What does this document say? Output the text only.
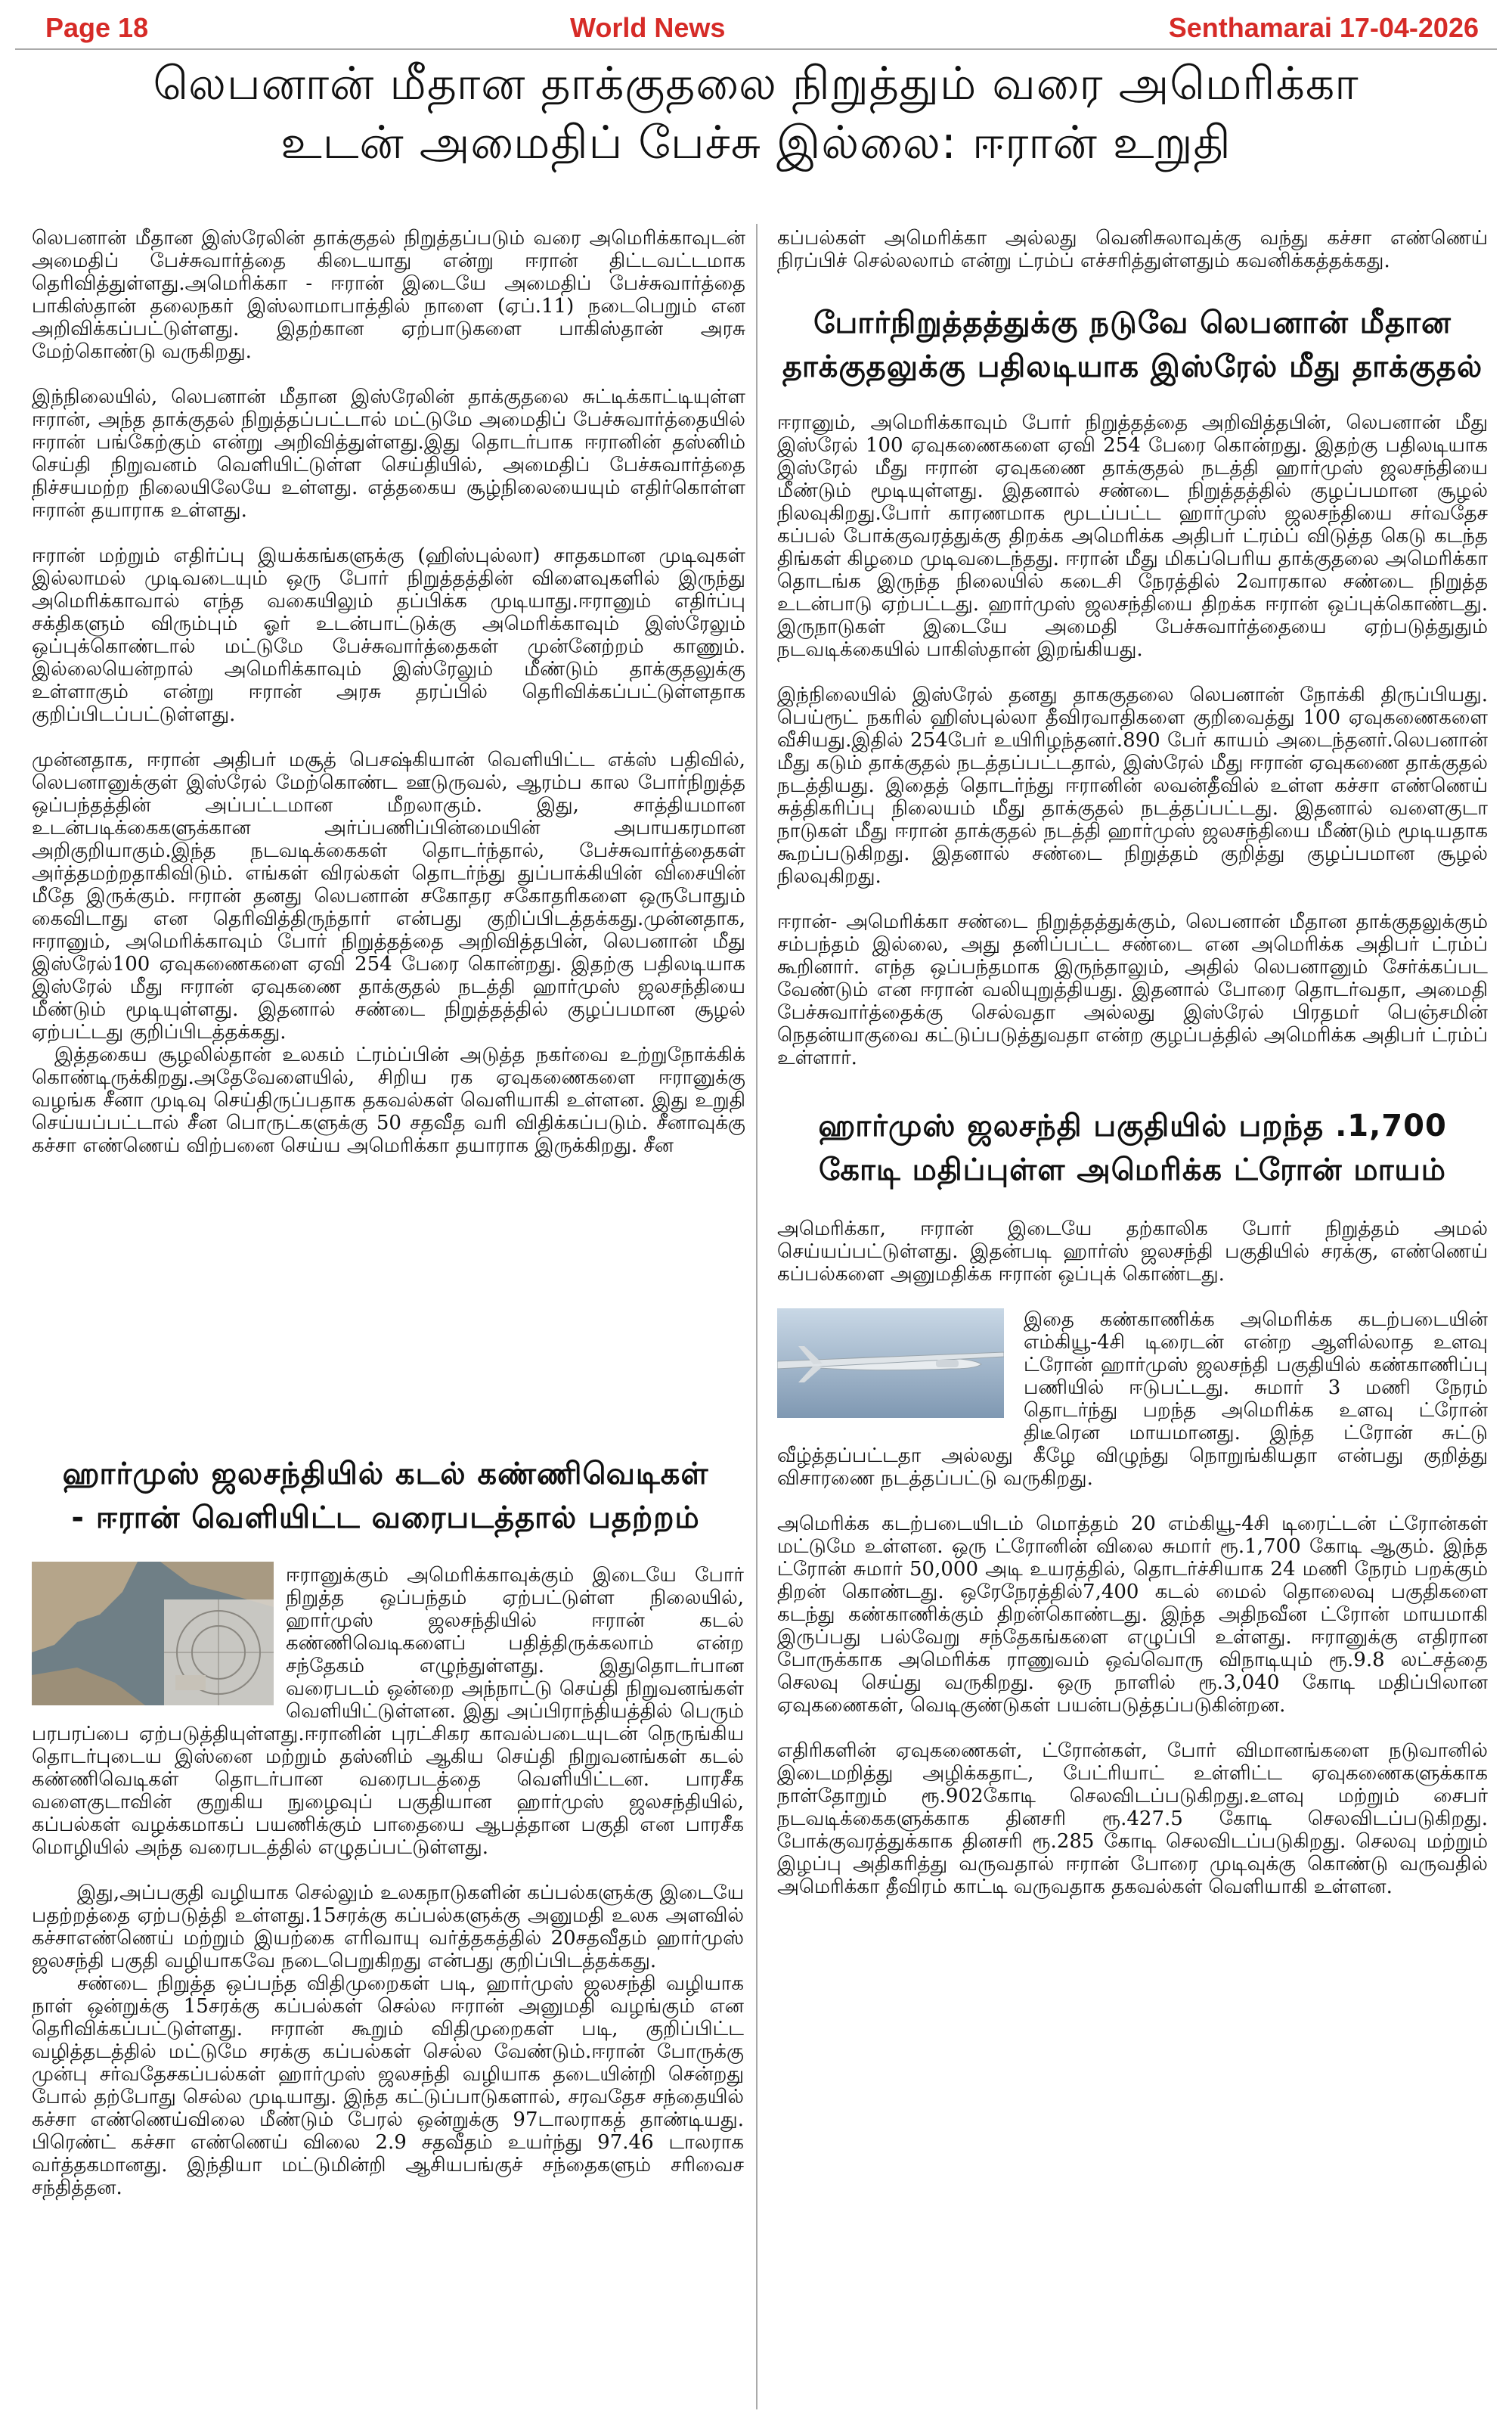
Page 18	World News	Senthamarai 17-04-2026
லெபனான் மீதான தாக்குதலை நிறுத்தும் வரை அமெரிக்கா
உடன் அமைதிப் பேச்சு இல்லை: ஈரான் உறுதி

லெபனான் மீதான இஸ்ரேலின் தாக்குதல் நிறுத்தப்படும் வரை அமெரிக்காவுடன் அமைதிப் பேச்சுவார்த்தை கிடையாது என்று ஈரான் திட்டவட்டமாக தெரிவித்துள்ளது.அமெரிக்கா - ஈரான் இடையே அமைதிப் பேச்சுவார்த்தை பாகிஸ்தான் தலைநகர் இஸ்லாமாபாத்தில் நாளை (ஏப்.11) நடைபெறும் என அறிவிக்கப்பட்டுள்ளது. இதற்கான ஏற்பாடுகளை பாகிஸ்தான் அரசு மேற்கொண்டு வருகிறது.

இந்நிலையில், லெபனான் மீதான இஸ்ரேலின் தாக்குதலை சுட்டிக்காட்டியுள்ள ஈரான், அந்த தாக்குதல் நிறுத்தப்பட்டால் மட்டுமே அமைதிப் பேச்சுவார்த்தையில் ஈரான் பங்கேற்கும் என்று அறிவித்துள்ளது.இது தொடர்பாக ஈரானின் தஸ்னிம் செய்தி நிறுவனம் வெளியிட்டுள்ள செய்தியில், அமைதிப் பேச்சுவார்த்தை நிச்சயமற்ற நிலையிலேயே உள்ளது. எத்தகைய சூழ்நிலையையும் எதிர்கொள்ள ஈரான் தயாராக உள்ளது.

ஈரான் மற்றும் எதிர்ப்பு இயக்கங்களுக்கு (ஹிஸ்புல்லா) சாதகமான முடிவுகள் இல்லாமல் முடிவடையும் ஒரு போர் நிறுத்தத்தின் விளைவுகளில் இருந்து அமெரிக்காவால் எந்த வகையிலும் தப்பிக்க முடியாது.ஈரானும் எதிர்ப்பு சக்திகளும் விரும்பும் ஓர் உடன்பாட்டுக்கு அமெரிக்காவும் இஸ்ரேலும் ஒப்புக்கொண்டால் மட்டுமே பேச்சுவார்த்தைகள் முன்னேற்றம் காணும். இல்லையென்றால் அமெரிக்காவும் இஸ்ரேலும் மீண்டும் தாக்குதலுக்கு உள்ளாகும் என்று ஈரான் அரசு தரப்பில் தெரிவிக்கப்பட்டுள்ளதாக குறிப்பிடப்பட்டுள்ளது.

முன்னதாக, ஈரான் அதிபர் மசூத் பெசஷ்கியான் வெளியிட்ட எக்ஸ் பதிவில், லெபனானுக்குள் இஸ்ரேல் மேற்கொண்ட ஊடுருவல், ஆரம்ப கால போர்நிறுத்த ஒப்பந்தத்தின் அப்பட்டமான மீறலாகும். இது, சாத்தியமான உடன்படிக்கைகளுக்கான அர்ப்பணிப்பின்மையின் அபாயகரமான அறிகுறியாகும்.இந்த நடவடிக்கைகள் தொடர்ந்தால், பேச்சுவார்த்தைகள் அர்த்தமற்றதாகிவிடும். எங்கள் விரல்கள் தொடர்ந்து துப்பாக்கியின் விசையின் மீதே இருக்கும். ஈரான் தனது லெபனான் சகோதர சகோதரிகளை ஒருபோதும் கைவிடாது என தெரிவித்திருந்தார் என்பது குறிப்பிடத்தக்கது.முன்னதாக, ஈரானும், அமெரிக்காவும் போர் நிறுத்தத்தை அறிவித்தபின், லெபனான் மீது இஸ்ரேல்100 ஏவுகணைகளை ஏவி 254 பேரை கொன்றது. இதற்கு பதிலடியாக இஸ்ரேல் மீது ஈரான் ஏவுகணை தாக்குதல் நடத்தி ஹார்முஸ் ஜலசந்தியை மீண்டும் மூடியுள்ளது. இதனால் சண்டை நிறுத்தத்தில் குழப்பமான சூழல் ஏற்பட்டது குறிப்பிடத்தக்கது.

இத்தகைய சூழலில்தான் உலகம் ட்ரம்ப்பின் அடுத்த நகர்வை உற்றுநோக்கிக் கொண்டிருக்கிறது.அதேவேளையில், சிறிய ரக ஏவுகணைகளை ஈரானுக்கு வழங்க சீனா முடிவு செய்திருப்பதாக தகவல்கள் வெளியாகி உள்ளன. இது உறுதி செய்யப்பட்டால் சீன பொருட்களுக்கு 50 சதவீத வரி விதிக்கப்படும். சீனாவுக்கு கச்சா எண்ணெய் விற்பனை செய்ய அமெரிக்கா தயாராக இருக்கிறது. சீன

ஹார்முஸ் ஜலசந்தியில் கடல் கண்ணிவெடிகள்
- ஈரான் வெளியிட்ட வரைபடத்தால் பதற்றம்

ஈரானுக்கும் அமெரிக்காவுக்கும் இடையே போர் நிறுத்த ஒப்பந்தம் ஏற்பட்டுள்ள நிலையில், ஹார்முஸ் ஜலசந்தியில் ஈரான் கடல் கண்ணிவெடிகளைப் பதித்திருக்கலாம் என்ற சந்தேகம் எழுந்துள்ளது. இதுதொடர்பான வரைபடம் ஒன்றை அந்நாட்டு செய்தி நிறுவனங்கள் வெளியிட்டுள்ளன. இது அப்பிராந்தியத்தில் பெரும் பரபரப்பை ஏற்படுத்தியுள்ளது.ஈரானின் புரட்சிகர காவல்படையுடன் நெருங்கிய தொடர்புடைய இஸ்னை மற்றும் தஸ்னிம் ஆகிய செய்தி நிறுவனங்கள் கடல் கண்ணிவெடிகள் தொடர்பான வரைபடத்தை வெளியிட்டன. பாரசீக வளைகுடாவின் குறுகிய நுழைவுப் பகுதியான ஹார்முஸ் ஜலசந்தியில், கப்பல்கள் வழக்கமாகப் பயணிக்கும் பாதையை ஆபத்தான பகுதி என பாரசீக மொழியில் அந்த வரைபடத்தில் எழுதப்பட்டுள்ளது.

இது,அப்பகுதி வழியாக செல்லும் உலகநாடுகளின் கப்பல்களுக்கு இடையே பதற்றத்தை ஏற்படுத்தி உள்ளது.15சரக்கு கப்பல்களுக்கு அனுமதி உலக அளவில் கச்சாஎண்ணெய் மற்றும் இயற்கை எரிவாயு வர்த்தகத்தில் 20சதவீதம் ஹார்முஸ் ஜலசந்தி பகுதி வழியாகவே நடைபெறுகிறது என்பது குறிப்பிடத்தக்கது.

சண்டை நிறுத்த ஒப்பந்த விதிமுறைகள் படி, ஹார்முஸ் ஜலசந்தி வழியாக நாள் ஒன்றுக்கு 15சரக்கு கப்பல்கள் செல்ல ஈரான் அனுமதி வழங்கும் என தெரிவிக்கப்பட்டுள்ளது. ஈரான் கூறும் விதிமுறைகள் படி, குறிப்பிட்ட வழித்தடத்தில் மட்டுமே சரக்கு கப்பல்கள் செல்ல வேண்டும்.ஈரான் போருக்கு முன்பு சர்வதேசகப்பல்கள் ஹார்முஸ் ஜலசந்தி வழியாக தடையின்றி சென்றது போல் தற்போது செல்ல முடியாது. இந்த கட்டுப்பாடுகளால், சரவதேச சந்தையில் கச்சா எண்ணெய்விலை மீண்டும் பேரல் ஒன்றுக்கு 97டாலராகத் தாண்டியது. பிரெண்ட் கச்சா எண்ணெய் விலை 2.9 சதவீதம் உயர்ந்து 97.46 டாலராக வர்த்தகமானது. இந்தியா மட்டுமின்றி ஆசியபங்குச் சந்தைகளும் சரிவைச சந்தித்தன.

கப்பல்கள் அமெரிக்கா அல்லது வெனிசுலாவுக்கு வந்து கச்சா எண்ணெய் நிரப்பிச் செல்லலாம் என்று ட்ரம்ப் எச்சரித்துள்ளதும் கவனிக்கத்தக்கது.

போர்நிறுத்தத்துக்கு நடுவே லெபனான் மீதான
தாக்குதலுக்கு பதிலடியாக இஸ்ரேல் மீது தாக்குதல்

ஈரானும், அமெரிக்காவும் போர் நிறுத்தத்தை அறிவித்தபின், லெபனான் மீது இஸ்ரேல் 100 ஏவுகணைகளை ஏவி 254 பேரை கொன்றது. இதற்கு பதிலடியாக இஸ்ரேல் மீது ஈரான் ஏவுகணை தாக்குதல் நடத்தி ஹார்முஸ் ஜலசந்தியை மீண்டும் மூடியுள்ளது. இதனால் சண்டை நிறுத்தத்தில் குழப்பமான சூழல் நிலவுகிறது.போர் காரணமாக மூடப்பட்ட ஹார்முஸ் ஜலசந்தியை சர்வதேச கப்பல் போக்குவரத்துக்கு திறக்க அமெரிக்க அதிபர் ட்ரம்ப் விடுத்த கெடு கடந்த திங்கள் கிழமை முடிவடைந்தது. ஈரான் மீது மிகப்பெரிய தாக்குதலை அமெரிக்கா தொடங்க இருந்த நிலையில் கடைசி நேரத்தில் 2வாரகால சண்டை நிறுத்த உடன்பாடு ஏற்பட்டது. ஹார்முஸ் ஜலசந்தியை திறக்க ஈரான் ஒப்புக்கொண்டது. இருநாடுகள் இடையே அமைதி பேச்சுவார்த்தையை ஏற்படுத்துதும் நடவடிக்கையில் பாகிஸ்தான் இறங்கியது.

இந்நிலையில் இஸ்ரேல் தனது தாககுதலை லெபனான் நோக்கி திருப்பியது. பெய்ரூட் நகரில் ஹிஸ்புல்லா தீவிரவாதிகளை குறிவைத்து 100 ஏவுகணைகளை வீசியது.இதில் 254பேர் உயிரிழந்தனர்.890 பேர் காயம் அடைந்தனர்.லெபனான் மீது கடும் தாக்குதல் நடத்தப்பட்டதால், இஸ்ரேல் மீது ஈரான் ஏவுகணை தாக்குதல் நடத்தியது. இதைத் தொடர்ந்து ஈரானின் லவன்தீவில் உள்ள கச்சா எண்ணெய் சுத்திகரிப்பு நிலையம் மீது தாக்குதல் நடத்தப்பட்டது. இதனால் வளைகுடா நாடுகள் மீது ஈரான் தாக்குதல் நடத்தி ஹார்முஸ் ஜலசந்தியை மீண்டும் மூடியதாக கூறப்படுகிறது. இதனால் சண்டை நிறுத்தம் குறித்து குழப்பமான சூழல் நிலவுகிறது.

ஈரான்- அமெரிக்கா சண்டை நிறுத்தத்துக்கும், லெபனான் மீதான தாக்குதலுக்கும் சம்பந்தம் இல்லை, அது தனிப்பட்ட சண்டை என அமெரிக்க அதிபர் ட்ரம்ப் கூறினார். எந்த ஒப்பந்தமாக இருந்தாலும், அதில் லெபனானும் சேர்க்கப்பட வேண்டும் என ஈரான் வலியுறுத்தியது. இதனால் போரை தொடர்வதா, அமைதி பேச்சுவார்த்தைக்கு செல்வதா அல்லது இஸ்ரேல் பிரதமர் பெஞ்சமின் நெதன்யாகுவை கட்டுப்படுத்துவதா என்ற குழப்பத்தில் அமெரிக்க அதிபர் ட்ரம்ப் உள்ளார்.

ஹார்முஸ் ஜலசந்தி பகுதியில் பறந்த .1,700
கோடி மதிப்புள்ள அமெரிக்க ட்ரோன் மாயம்

அமெரிக்கா, ஈரான் இடையே தற்காலிக போர் நிறுத்தம் அமல் செய்யப்பட்டுள்ளது. இதன்படி ஹார்ஸ் ஜலசந்தி பகுதியில் சரக்கு, எண்ணெய் கப்பல்களை அனுமதிக்க ஈரான் ஒப்புக் கொண்டது.

இதை கண்காணிக்க அமெரிக்க கடற்படையின் எம்கியூ-4சி டிரைடன் என்ற ஆளில்லாத உளவு ட்ரோன் ஹார்முஸ் ஜலசந்தி பகுதியில் கண்காணிப்பு பணியில் ஈடுபட்டது. சுமார் 3 மணி நேரம் தொடர்ந்து பறந்த அமெரிக்க உளவு ட்ரோன் திடீரென மாயமானது. இந்த ட்ரோன் சுட்டு வீழ்த்தப்பட்டதா அல்லது கீழே விழுந்து நொறுங்கியதா என்பது குறித்து விசாரணை நடத்தப்பட்டு வருகிறது.

அமெரிக்க கடற்படையிடம் மொத்தம் 20 எம்கியூ-4சி டிரைட்டன் ட்ரோன்கள் மட்டுமே உள்ளன. ஒரு ட்ரோனின் விலை சுமார் ரூ.1,700 கோடி ஆகும். இந்த ட்ரோன் சுமார் 50,000 அடி உயரத்தில், தொடர்ச்சியாக 24 மணி நேரம் பறக்கும் திறன் கொண்டது. ஒரேநேரத்தில்7,400 கடல் மைல் தொலைவு பகுதிகளை கடந்து கண்காணிக்கும் திறன்கொண்டது. இந்த அதிநவீன ட்ரோன் மாயமாகி இருப்பது பல்வேறு சந்தேகங்களை எழுப்பி உள்ளது. ஈரானுக்கு எதிரான போருக்காக அமெரிக்க ராணுவம் ஒவ்வொரு விநாடியும் ரூ.9.8 லட்சத்தை செலவு செய்து வருகிறது. ஒரு நாளில் ரூ.3,040 கோடி மதிப்பிலான ஏவுகணைகள், வெடிகுண்டுகள் பயன்படுத்தப்படுகின்றன.

எதிரிகளின் ஏவுகணைகள், ட்ரோன்கள், போர் விமானங்களை நடுவானில் இடைமறித்து அழிக்கதாட், பேட்ரியாட் உள்ளிட்ட ஏவுகணைகளுக்காக நாள்தோறும் ரூ.902கோடி செலவிடப்படுகிறது.உளவு மற்றும் சைபர் நடவடிக்கைகளுக்காக தினசரி ரூ.427.5 கோடி செலவிடப்படுகிறது. போக்குவரத்துக்காக தினசரி ரூ.285 கோடி செலவிடப்படுகிறது. செலவு மற்றும் இழப்பு அதிகரித்து வருவதால் ஈரான் போரை முடிவுக்கு கொண்டு வருவதில் அமெரிக்கா தீவிரம் காட்டி வருவதாக தகவல்கள் வெளியாகி உள்ளன.
